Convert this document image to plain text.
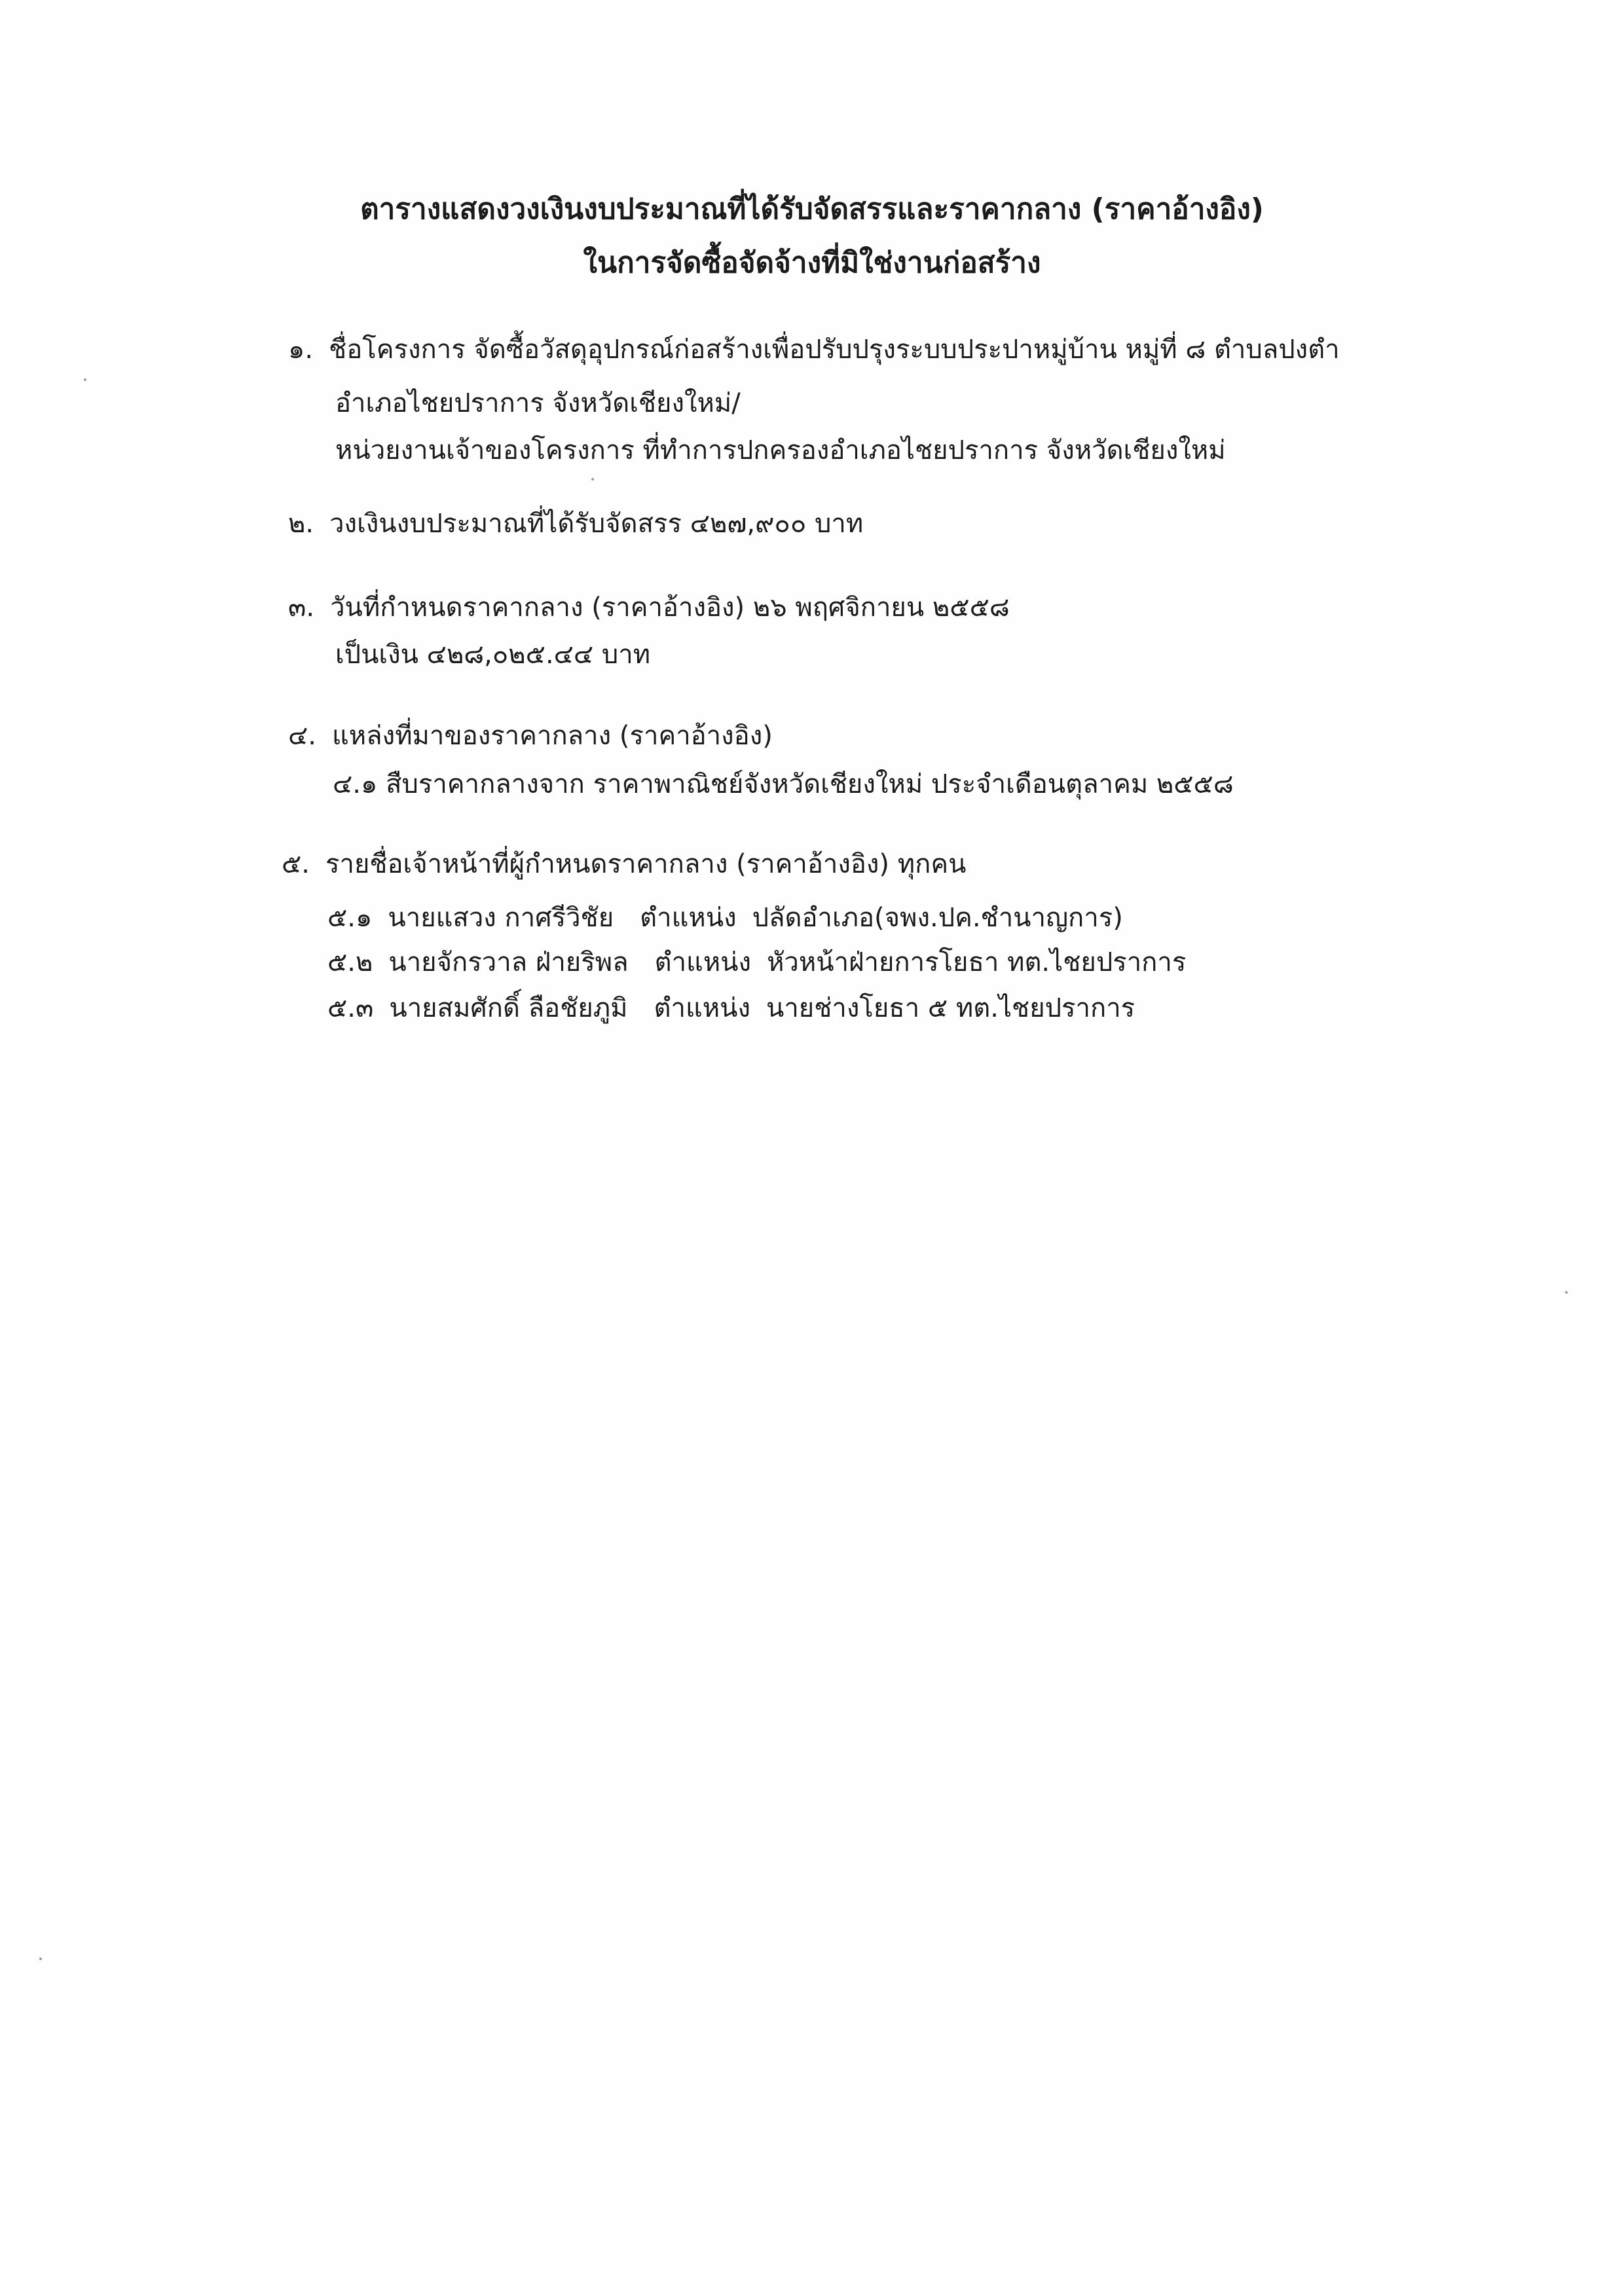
ตารางแสดงวงเงินงบประมาณที่ได้รับจัดสรรและราคากลาง (ราคาอ้างอิง)
ในการจัดซื้อจัดจ้างที่มิใช่งานก่อสร้าง
๑. ชื่อโครงการ จัดซื้อวัสดุอุปกรณ์ก่อสร้างเพื่อปรับปรุงระบบประปาหมู่บ้าน หมู่ที่ ๘ ตำบลปงตำ
อำเภอไชยปราการ จังหวัดเชียงใหม่/
หน่วยงานเจ้าของโครงการ ที่ทำการปกครองอำเภอไชยปราการ จังหวัดเชียงใหม่
๒. วงเงินงบประมาณที่ได้รับจัดสรร ๔๒๗,๙๐๐ บาท
๓. วันที่กำหนดราคากลาง (ราคาอ้างอิง) ๒๖ พฤศจิกายน ๒๕๕๘
เป็นเงิน ๔๒๘,๐๒๕.๔๔ บาท
๔. แหล่งที่มาของราคากลาง (ราคาอ้างอิง)
๔.๑ สืบราคากลางจาก ราคาพาณิชย์จังหวัดเชียงใหม่ ประจำเดือนตุลาคม ๒๕๕๘
๕. รายชื่อเจ้าหน้าที่ผู้กำหนดราคากลาง (ราคาอ้างอิง) ทุกคน
๕.๑ นายแสวง กาศรีวิชัย ตำแหน่ง ปลัดอำเภอ(จพง.ปค.ชำนาญการ)
๕.๒ นายจักรวาล ฝ่ายริพล ตำแหน่ง หัวหน้าฝ่ายการโยธา ทต.ไชยปราการ
๕.๓ นายสมศักดิ์ ลือชัยภูมิ ตำแหน่ง นายช่างโยธา ๕ ทต.ไชยปราการ
